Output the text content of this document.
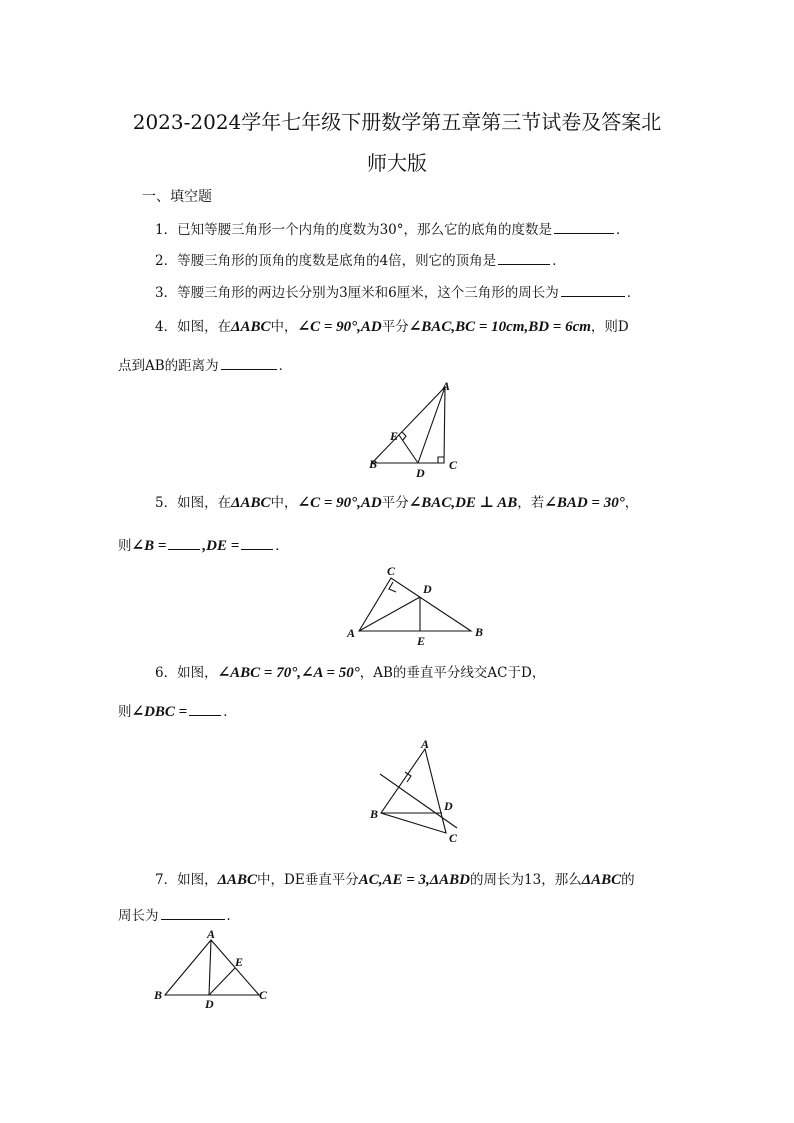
2023-2024学年七年级下册数学第五章第三节试卷及答案北

师大版

一、填空题

1．已知等腰三角形一个内角的度数为30°，那么它的底角的度数是	．

2．等腰三角形的顶角的度数是底角的4倍，则它的顶角是	．

3．等腰三角形的两边长分别为3厘米和6厘米，这个三角形的周长为	．

4．如图，在ΔABC中，∠C = 90°,AD平分∠BAC,BC = 10cm,BD = 6cm，则D

点到AB的距离为	．

A
B	C
D
E

5．如图，在ΔABC中，∠C = 90°,AD平分∠BAC,DE ⊥ AB，若∠BAD = 30°，

则∠B = ,DE =	．

C
D
A	B
E

6．如图，∠ABC = 70°,∠A = 50°，AB的垂直平分线交AC于D，

则∠DBC =	．

A
B
C
D

7．如图，ΔABC中，DE垂直平分AC,AE = 3,ΔABD的周长为13，那么ΔABC的

周长为	．

A
B	C
D
E
